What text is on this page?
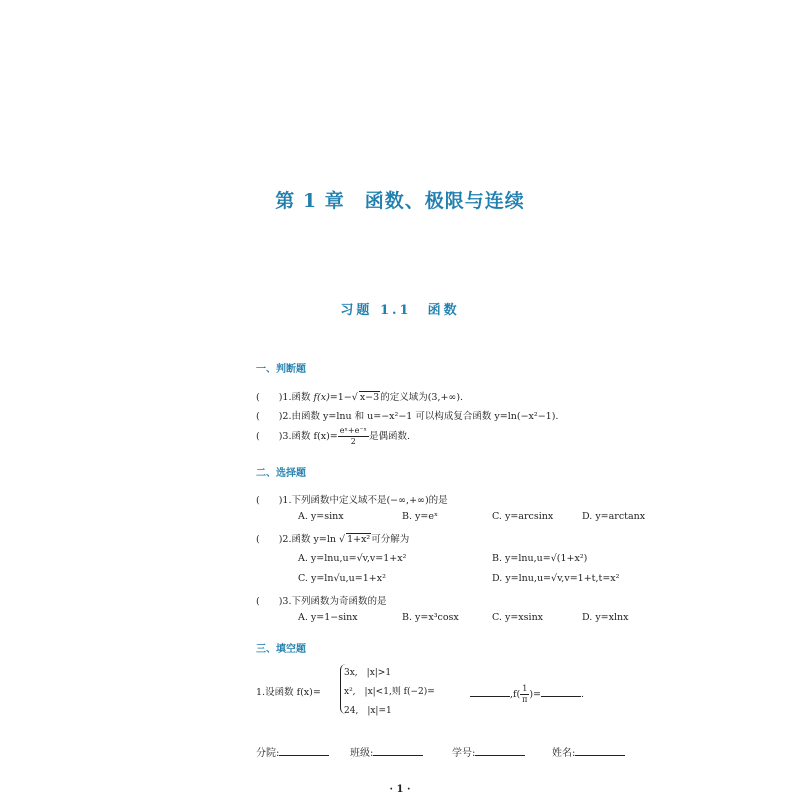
第 1 章　函数、极限与连续
习题 1.1　函数
一、判断题
(　　)1.函数 f(x)=1−√ x−3的定义域为(3,+∞).
(　　)2.由函数 y=lnu 和 u=−x²−1 可以构成复合函数 y=ln(−x²−1).
(　　)3.函数 $f(x)= \frac{\text{eˣ+e⁻ˣ}}{2}$ 是偶函数.
二、选择题
(　　)1.下列函数中定义域不是(−∞,+∞)的是
A. y=sinx	B. y=eˣ	C. y=arcsinx	D. y=arctanx
(　　)2.函数 y=ln √ 1+x²可分解为
A. y=lnu,u=√v,v=1+x²	B. y=lnu,u=√(1+x²)
C. y=ln√u,u=1+x²	D. y=lnu,u=√v,v=1+t,t=x²
(　　)3.下列函数为奇函数的是
A. y=1−sinx	B. y=x³cosx	C. y=xsinx	D. y=xlnx
三、填空题
1.设函数 f(x)=
3x,　|x|>1
x²,　|x|<1,则 f(−2)=
24,　|x|=1
$,f( \frac{1}{\pi}$ )=	.
分院:	班级:	学号:	姓名:
· 1 ·
